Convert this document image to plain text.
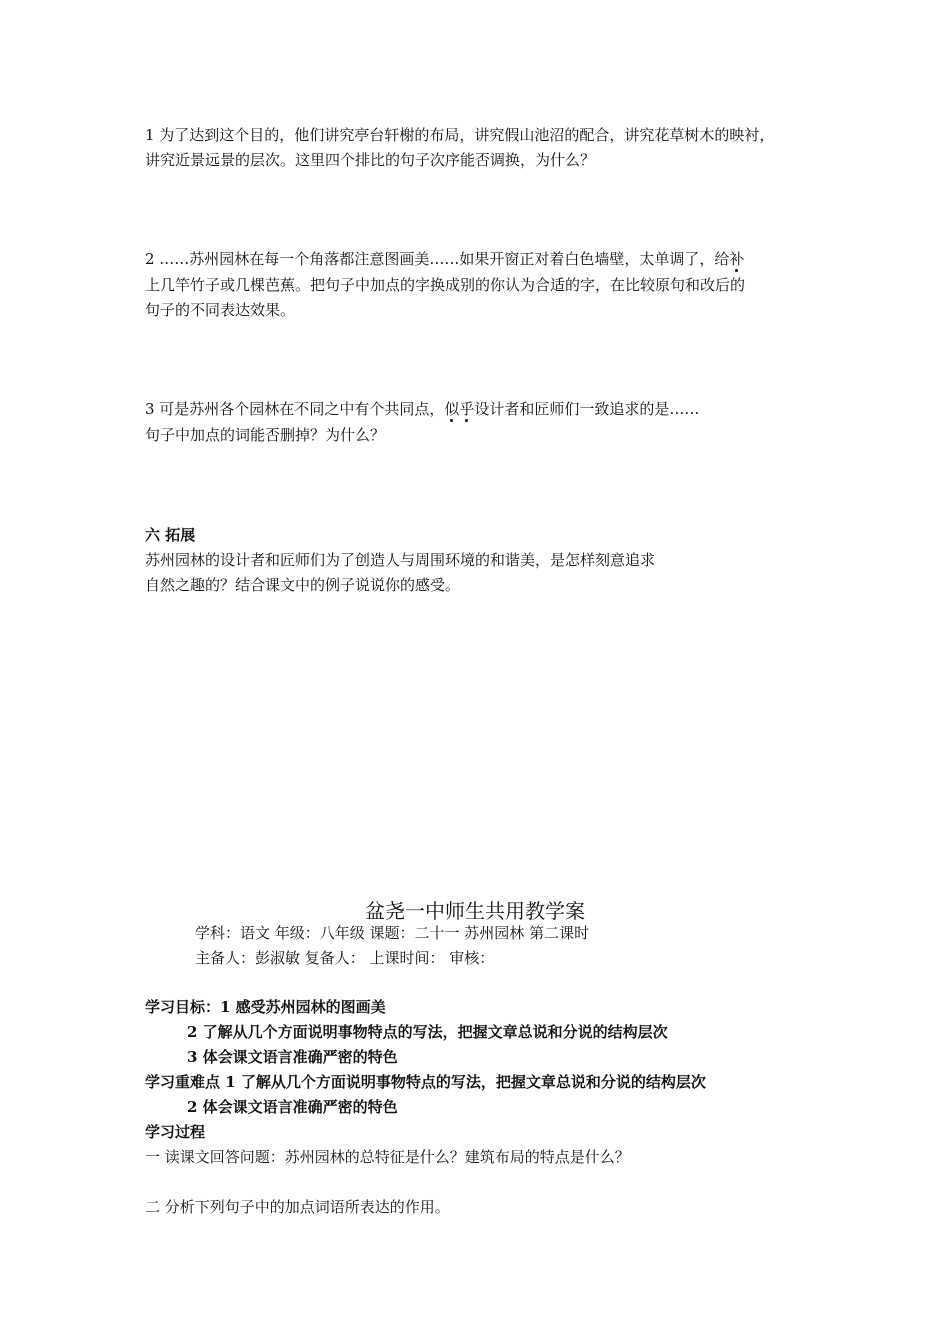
1 为了达到这个目的，他们讲究亭台轩榭的布局，讲究假山池沼的配合，讲究花草树木的映衬，
讲究近景远景的层次。这里四个排比的句子次序能否调换，为什么？
2 ……苏州园林在每一个角落都注意图画美……如果开窗正对着白色墙壁，太单调了，给补
上几竿竹子或几棵芭蕉。把句子中加点的字换成别的你认为合适的字，在比较原句和改后的
句子的不同表达效果。
3 可是苏州各个园林在不同之中有个共同点，似乎设计者和匠师们一致追求的是……
句子中加点的词能否删掉？为什么？
六 拓展
苏州园林的设计者和匠师们为了创造人与周围环境的和谐美，是怎样刻意追求
自然之趣的？结合课文中的例子说说你的感受。
盆尧一中师生共用教学案
学科：语文 年级：八年级 课题：二十一 苏州园林 第二课时
主备人：彭淑敏 复备人： 上课时间： 审核：
学习目标：1 感受苏州园林的图画美
2 了解从几个方面说明事物特点的写法，把握文章总说和分说的结构层次
3 体会课文语言准确严密的特色
学习重难点 1 了解从几个方面说明事物特点的写法，把握文章总说和分说的结构层次
2 体会课文语言准确严密的特色
学习过程
一 读课文回答问题：苏州园林的总特征是什么？建筑布局的特点是什么？
二 分析下列句子中的加点词语所表达的作用。
